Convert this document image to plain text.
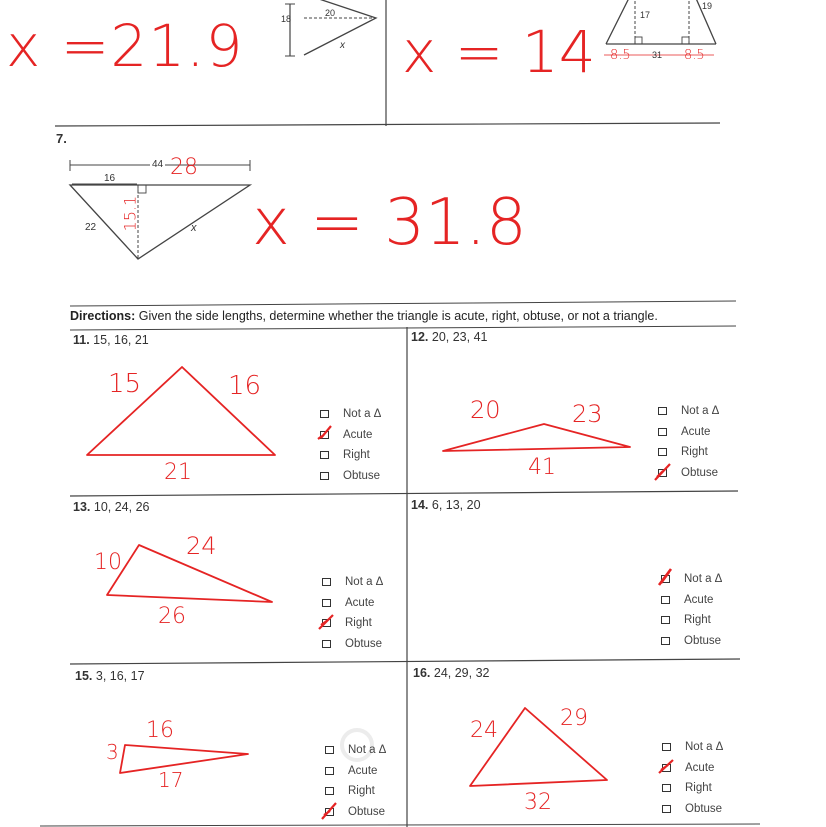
x =21.9	18
20
x x = 14
17
19
8.5 31 8.5
7.
44
16
22	x
28
15.1 x = 31.8
Directions: Given the side lengths, determine whether the triangle is acute, right, obtuse, or not a triangle.
11. 15, 16, 21
15	16
21
Not a Δ
Acute
Right
Obtuse
12. 20, 23, 41
20	23
41
Not a Δ
Acute
Right
Obtuse
13. 10, 24, 26
10
24
26
Not a Δ
Acute
Right
Obtuse
14. 6, 13, 20
Not a Δ
Acute
Right
Obtuse
15. 3, 16, 17
16
3
17
Not a Δ
Acute
Right
Obtuse
16. 24, 29, 32
24	29
32
Not a Δ
Acute
Right
Obtuse
